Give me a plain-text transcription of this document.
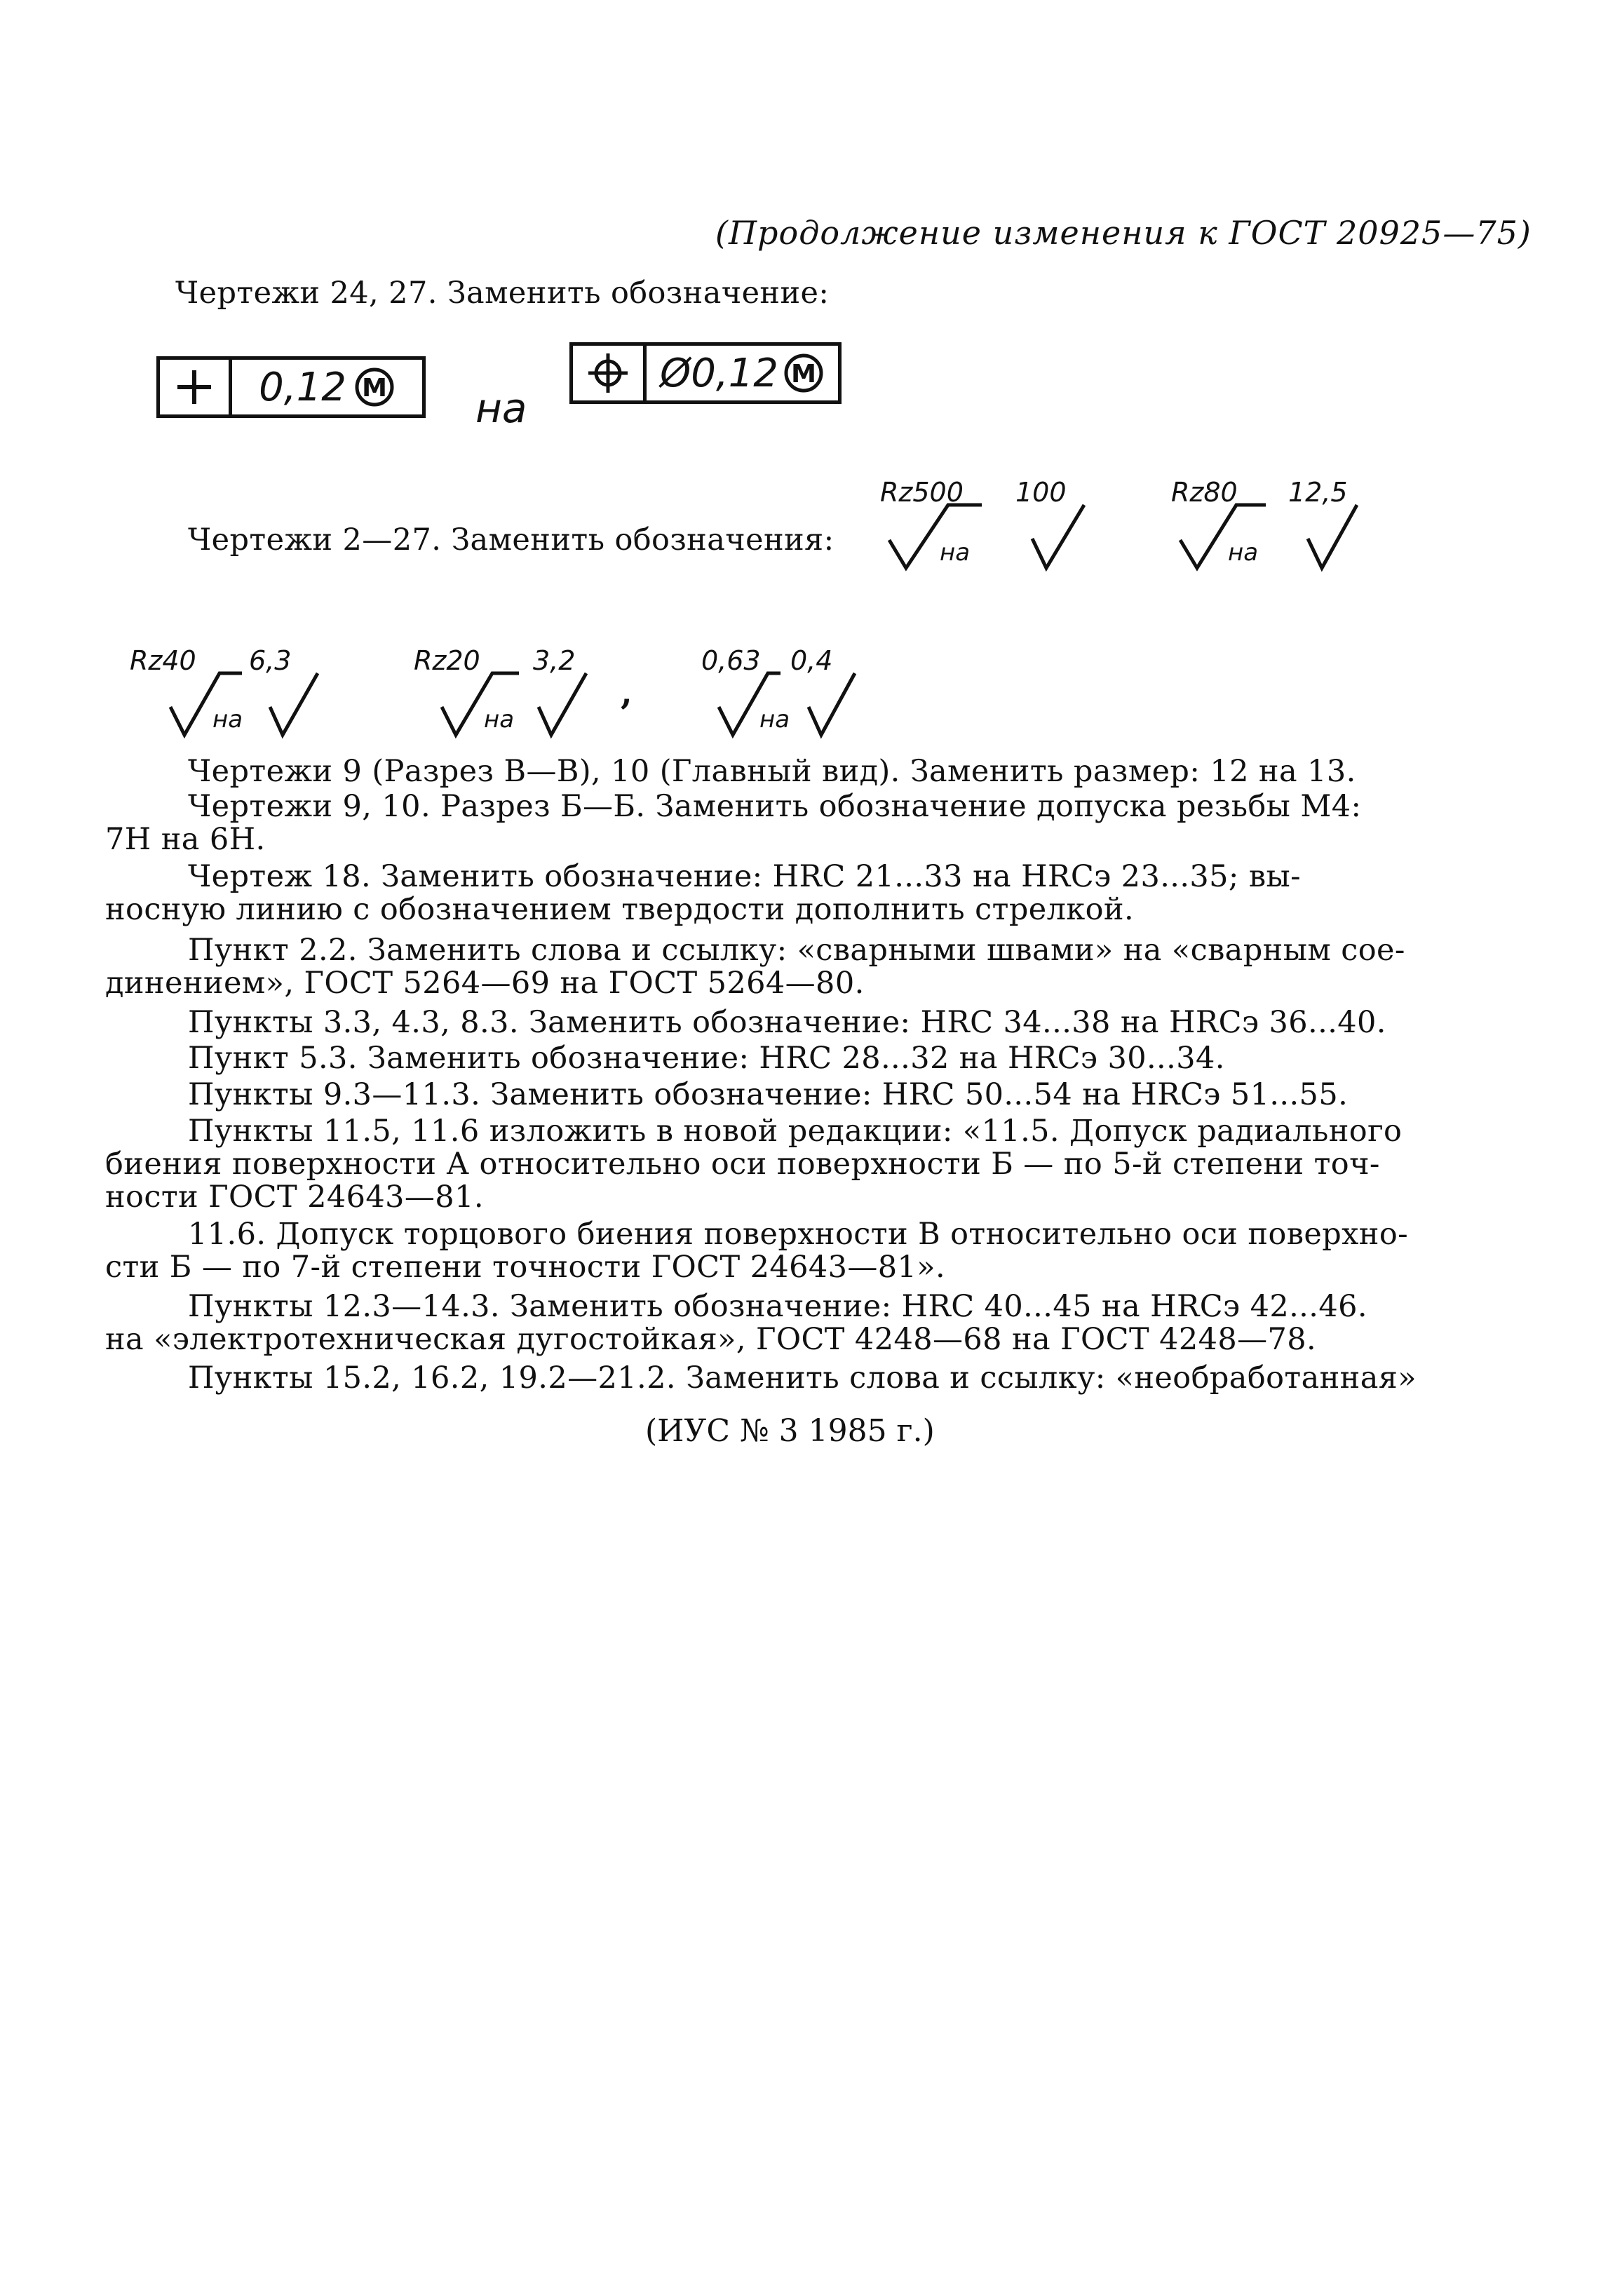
(Продолжение изменения к ГОСТ 20925—75)
Чертежи 24, 27. Заменить обозначение:
0,12 M на
Ø0,12 M
Чертежи 2—27. Заменить обозначения:
Rz500 100
на
Rz80 12,5
на
Rz40 6,3
на
Rz20 3,2
на
,
0,63 0,4
на
Чертежи 9 (Разрез В—В), 10 (Главный вид). Заменить размер: 12 на 13.
Чертежи 9, 10. Разрез Б—Б. Заменить обозначение допуска резьбы М4:
7Н на 6Н.
Чертеж 18. Заменить обозначение: HRC 21...33 на HRCэ 23...35; вы-
носную линию с обозначением твердости дополнить стрелкой.
Пункт 2.2. Заменить слова и ссылку: «сварными швами» на «сварным сое-
динением», ГОСТ 5264—69 на ГОСТ 5264—80.
Пункты 3.3, 4.3, 8.3. Заменить обозначение: HRC 34...38 на HRCэ 36...40.
Пункт 5.3. Заменить обозначение: HRC 28...32 на HRCэ 30...34.
Пункты 9.3—11.3. Заменить обозначение: HRC 50...54 на HRCэ 51...55.
Пункты 11.5, 11.6 изложить в новой редакции: «11.5. Допуск радиального
биения поверхности А относительно оси поверхности Б — по 5-й степени точ-
ности ГОСТ 24643—81.
11.6. Допуск торцового биения поверхности В относительно оси поверхно-
сти Б — по 7-й степени точности ГОСТ 24643—81».
Пункты 12.3—14.3. Заменить обозначение: HRC 40...45 на HRCэ 42...46.
на «электротехническая дугостойкая», ГОСТ 4248—68 на ГОСТ 4248—78.
Пункты 15.2, 16.2, 19.2—21.2. Заменить слова и ссылку: «необработанная»
(ИУС № 3 1985 г.)
